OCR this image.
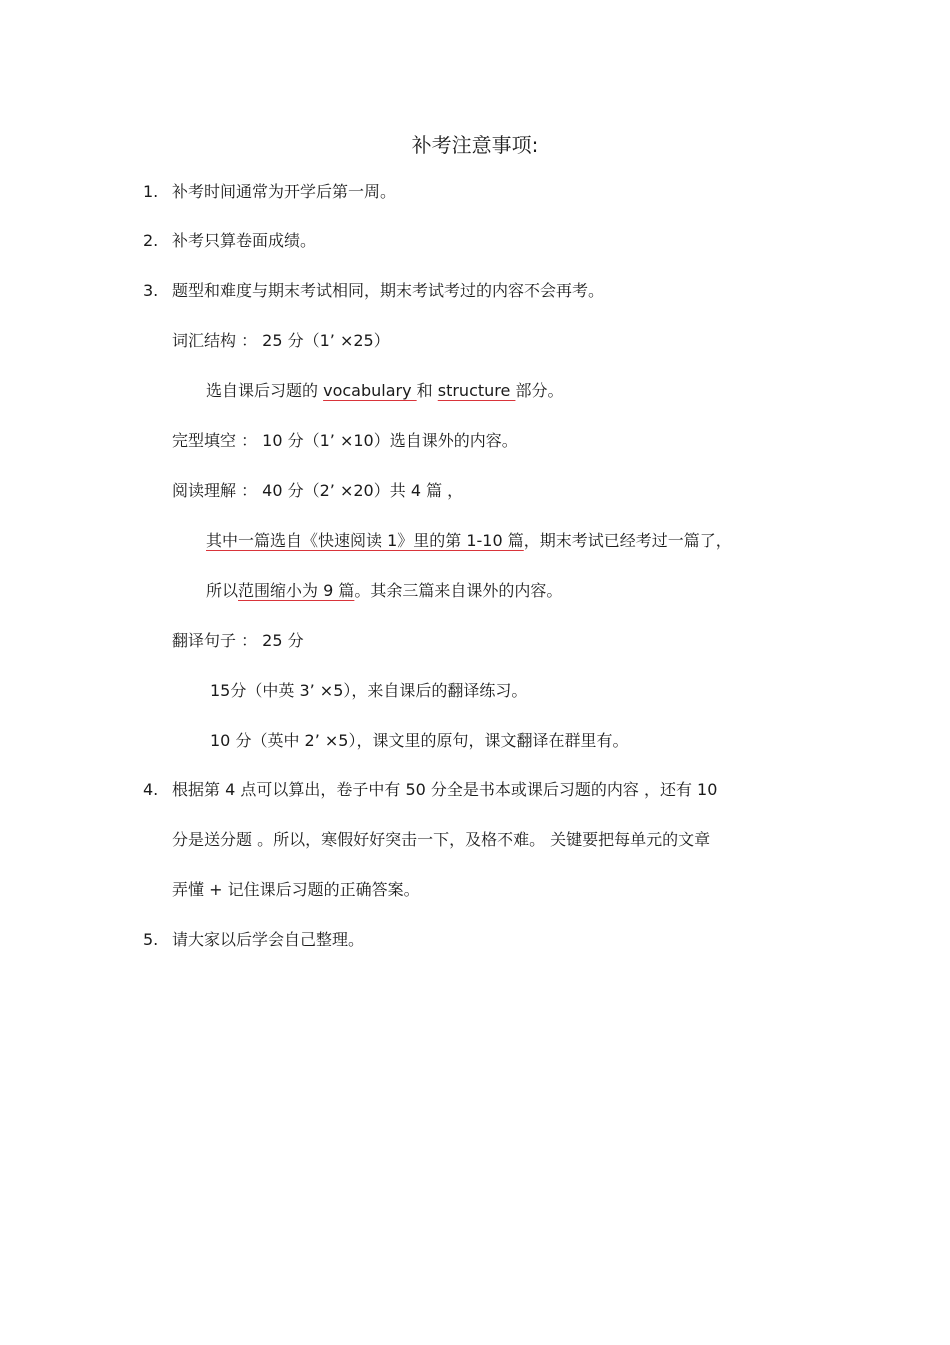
补考注意事项:
1. 补考时间通常为开学后第一周。
2. 补考只算卷面成绩。
3. 题型和难度与期末考试相同，期末考试考过的内容不会再考。
词汇结构 ： 25 分（1’ ×25）
选自课后习题的 vocabulary 和 structure 部分。
完型填空 ： 10 分（1’ ×10）选自课外的内容。
阅读理解 ： 40 分（2’ ×20）共 4 篇 ，
其中一篇选自《快速阅读 1》里的第 1-10 篇，期末考试已经考过一篇了，
所以范围缩小为 9 篇。其余三篇来自课外的内容。
翻译句子 ： 25 分
15分（中英 3’ ×5），来自课后的翻译练习。
10 分（英中 2’ ×5），课文里的原句，课文翻译在群里有。
4. 根据第 4 点可以算出，卷子中有 50 分全是书本或课后习题的内容 ，还有 10
分是送分题 。所以，寒假好好突击一下，及格不难。 关键要把每单元的文章
弄懂 + 记住课后习题的正确答案。
5. 请大家以后学会自己整理。
